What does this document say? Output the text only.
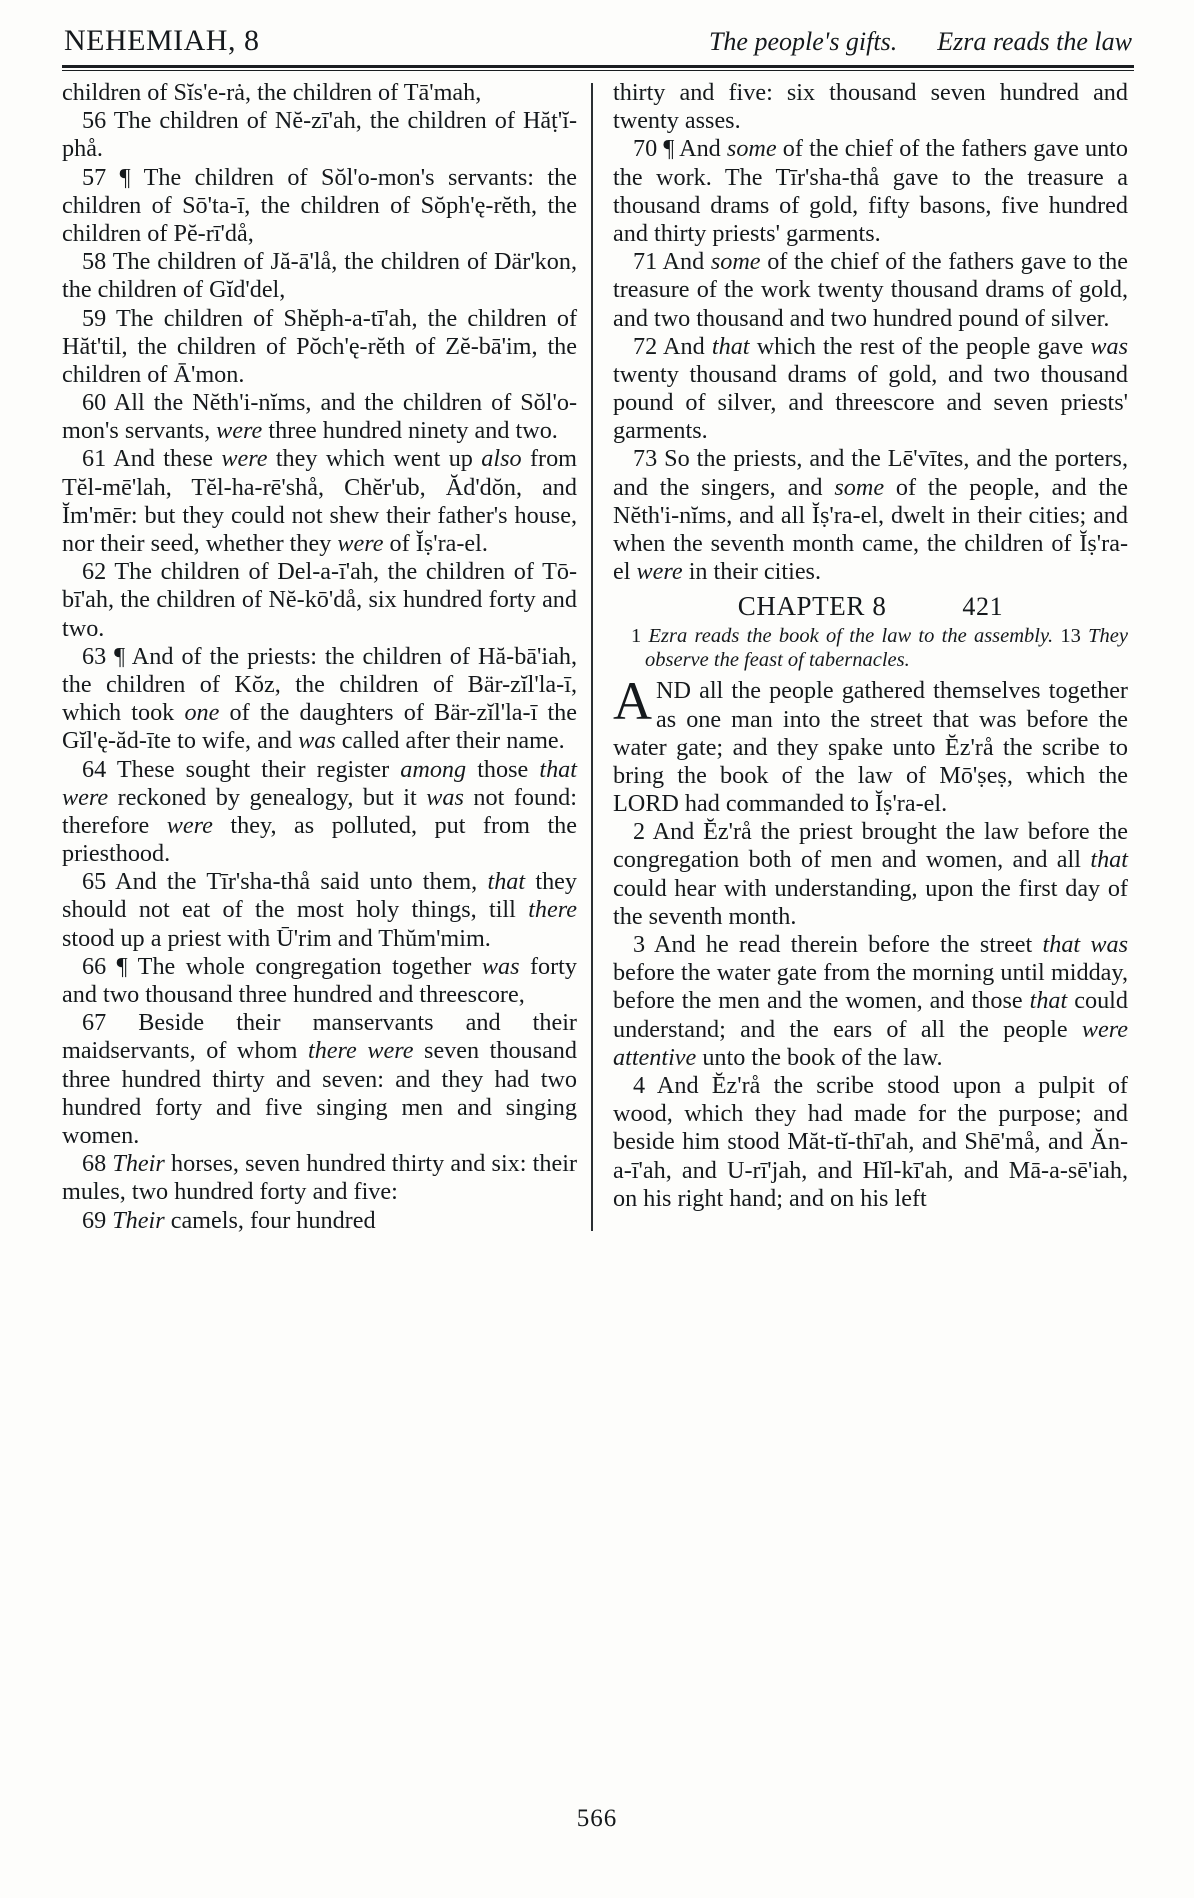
NEHEMIAH, 8	The people's gifts. Ezra reads the law

children of Sĭs'e-rȧ, the children of Tā'mah,

56 The children of Nĕ-zī'ah, the children of Hăṭ'ĭ-phå.

57 ¶ The children of Sŏl'o-mon's servants: the children of Sō'ta-ī, the children of Sŏph'ę-rĕth, the children of Pĕ-rī'då,

58 The children of Jă-ā'lå, the children of Där'kon, the children of Gĭd'del,

59 The children of Shĕph-a-tī'ah, the children of Hăt'til, the children of Pŏch'ę-rĕth of Zĕ-bā'im, the children of Ā'mon.

60 All the Nĕth'i-nĭms, and the children of Sŏl'o-mon's servants, were three hundred ninety and two.

61 And these were they which went up also from Tĕl-mē'lah, Tĕl-ha-rē'shå, Chĕr'ub, Ăd'dŏn, and Ĭm'mēr: but they could not shew their father's house, nor their seed, whether they were of Ĭṣ'ra-el.

62 The children of Del-a-ī'ah, the children of Tō-bī'ah, the children of Nĕ-kō'då, six hundred forty and two.

63 ¶ And of the priests: the children of Hă-bā'iah, the children of Kŏz, the children of Bär-zĭl'la-ī, which took one of the daughters of Bär-zĭl'la-ī the Gĭl'ę-ăd-īte to wife, and was called after their name.

64 These sought their register among those that were reckoned by genealogy, but it was not found: therefore were they, as polluted, put from the priesthood.

65 And the Tīr'sha-thå said unto them, that they should not eat of the most holy things, till there stood up a priest with Ū'rim and Thŭm'mim.

66 ¶ The whole congregation together was forty and two thousand three hundred and threescore,

67 Beside their manservants and their maidservants, of whom there were seven thousand three hundred thirty and seven: and they had two hundred forty and five singing men and singing women.

68 Their horses, seven hundred thirty and six: their mules, two hundred forty and five:

69 Their camels, four hundred

thirty and five: six thousand seven hundred and twenty asses.

70 ¶ And some of the chief of the fathers gave unto the work. The Tīr'sha-thå gave to the treasure a thousand drams of gold, fifty basons, five hundred and thirty priests' garments.

71 And some of the chief of the fathers gave to the treasure of the work twenty thousand drams of gold, and two thousand and two hundred pound of silver.

72 And that which the rest of the people gave was twenty thousand drams of gold, and two thousand pound of silver, and threescore and seven priests' garments.

73 So the priests, and the Lē'vītes, and the porters, and the singers, and some of the people, and the Nĕth'i-nĭms, and all Ĭṣ'ra-el, dwelt in their cities; and when the seventh month came, the children of Ĭṣ'ra-el were in their cities.

CHAPTER 8	421

1 Ezra reads the book of the law to the assembly. 13 They observe the feast of tabernacles.

AND all the people gathered themselves together as one man into the street that was before the water gate; and they spake unto Ĕz'rå the scribe to bring the book of the law of Mō'ṣeṣ, which the LORD had commanded to Ĭṣ'ra-el.

2 And Ĕz'rå the priest brought the law before the congregation both of men and women, and all that could hear with understanding, upon the first day of the seventh month.

3 And he read therein before the street that was before the water gate from the morning until midday, before the men and the women, and those that could understand; and the ears of all the people were attentive unto the book of the law.

4 And Ĕz'rå the scribe stood upon a pulpit of wood, which they had made for the purpose; and beside him stood Măt-tĭ-thī'ah, and Shē'må, and Ăn-a-ī'ah, and U-rī'jah, and Hĭl-kī'ah, and Mā-a-sē'iah, on his right hand; and on his left

566
